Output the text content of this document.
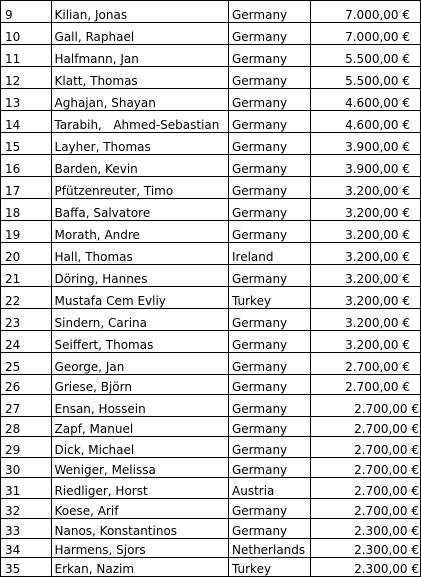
9	Kilian, Jonas	Germany	7.000,00 €
10	Gall, Raphael	Germany	7.000,00 €
11	Halfmann, Jan	Germany	5.500,00 €
12	Klatt, Thomas	Germany	5.500,00 €
13	Aghajan, Shayan	Germany	4.600,00 €
14	Tarabih,   Ahmed-Sebastian	Germany	4.600,00 €
15	Layher, Thomas	Germany	3.900,00 €
16	Barden, Kevin	Germany	3.900,00 €
17	Pfützenreuter, Timo	Germany	3.200,00 €
18	Baffa, Salvatore	Germany	3.200,00 €
19	Morath, Andre	Germany	3.200,00 €
20	Hall, Thomas	Ireland	3.200,00 €
21	Döring, Hannes	Germany	3.200,00 €
22	Mustafa Cem Evliy	Turkey	3.200,00 €
23	Sindern, Carina	Germany	3.200,00 €
24	Seiffert, Thomas	Germany	3.200,00 €
25	George, Jan	Germany	2.700,00 €
26	Griese, Björn	Germany	2.700,00 €
27	Ensan, Hossein	Germany	2.700,00 €
28	Zapf, Manuel	Germany	2.700,00 €
29	Dick, Michael	Germany	2.700,00 €
30	Weniger, Melissa	Germany	2.700,00 €
31	Riedliger, Horst	Austria	2.700,00 €
32	Koese, Arif	Germany	2.700,00 €
33	Nanos, Konstantinos	Germany	2.300,00 €
34	Harmens, Sjors	Netherlands	2.300,00 €
35	Erkan, Nazim	Turkey	2.300,00 €
